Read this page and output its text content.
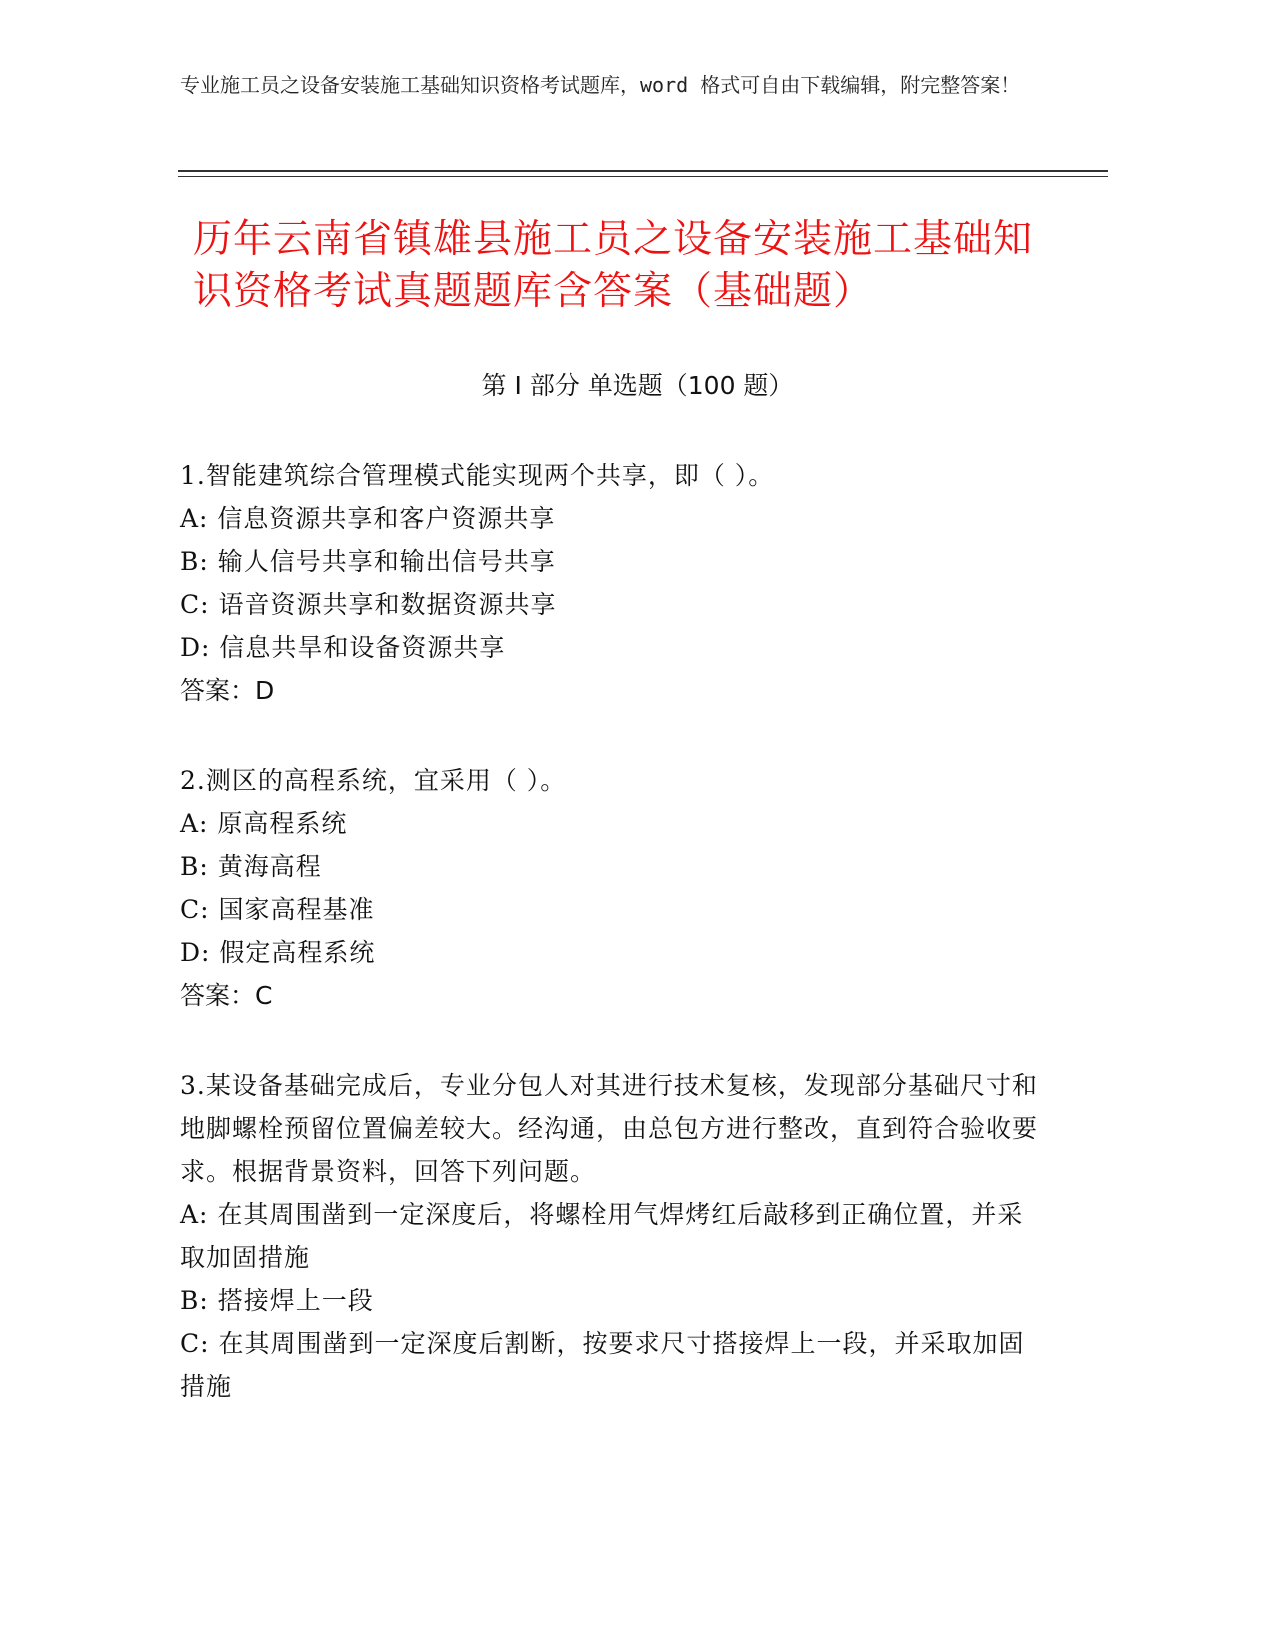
专业施工员之设备安装施工基础知识资格考试题库，word 格式可自由下载编辑，附完整答案！

历年云南省镇雄县施工员之设备安装施工基础知识资格考试真题题库含答案（基础题）
第 I 部分 单选题（100 题）

1.智能建筑综合管理模式能实现两个共享，即（ ）。

A: 信息资源共享和客户资源共享

B: 输人信号共享和输出信号共享

C: 语音资源共享和数据资源共享

D: 信息共旱和设备资源共享

答案：D

2.测区的高程系统，宜采用（ ）。

A: 原高程系统

B: 黄海高程

C: 国家高程基准

D: 假定高程系统

答案：C

3.某设备基础完成后，专业分包人对其进行技术复核，发现部分基础尺寸和地脚螺栓预留位置偏差较大。经沟通，由总包方进行整改，直到符合验收要求。根据背景资料，回答下列问题。

A: 在其周围凿到一定深度后，将螺栓用气焊烤红后敲移到正确位置，并采取加固措施

B: 搭接焊上一段

C: 在其周围凿到一定深度后割断，按要求尺寸搭接焊上一段，并采取加固措施
